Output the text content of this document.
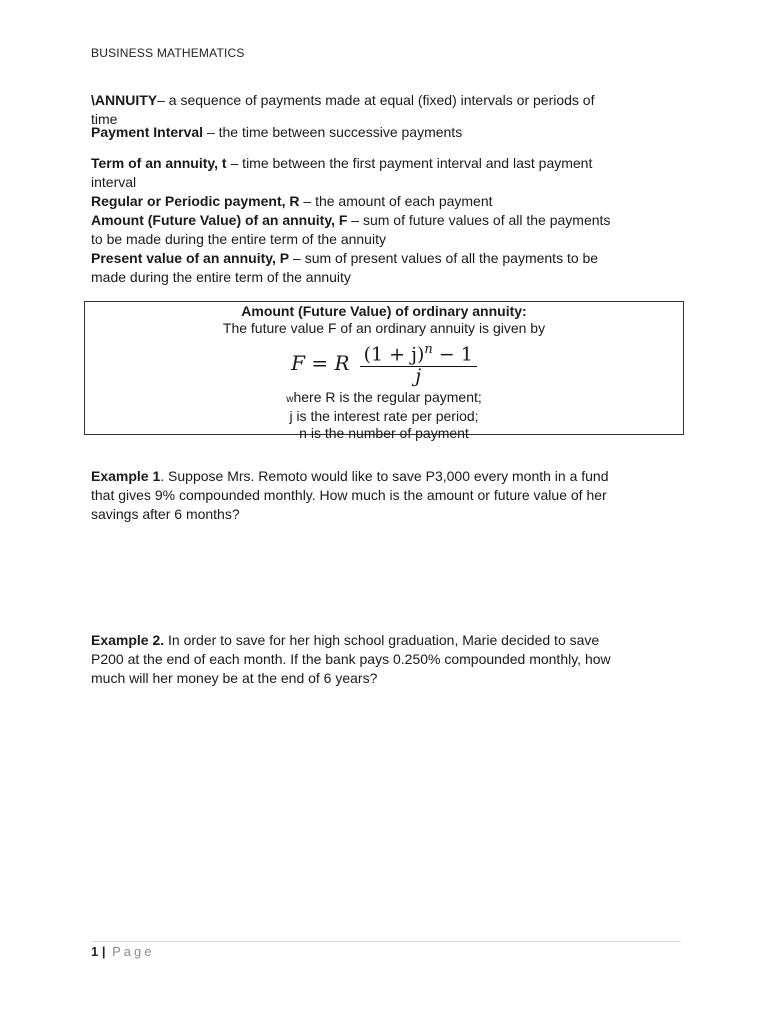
BUSINESS MATHEMATICS
\ANNUITY– a sequence of payments made at equal (fixed) intervals or periods of time
Payment Interval – the time between successive payments
Term of an annuity, t – time between the first payment interval and last payment interval
Regular or Periodic payment, R – the amount of each payment
Amount (Future Value) of an annuity, F – sum of future values of all the payments to be made during the entire term of the annuity
Present value of an annuity, P – sum of present values of all the payments to be made during the entire term of the annuity
Amount (Future Value) of ordinary annuity:
The future value F of an ordinary annuity is given by
F = R $\frac{(1 + j)^n - 1}{j}$
where R is the regular payment;
j is the interest rate per period;
n is the number of payment
Example 1. Suppose Mrs. Remoto would like to save P3,000 every month in a fund that gives 9% compounded monthly. How much is the amount or future value of her savings after 6 months?
Example 2. In order to save for her high school graduation, Marie decided to save P200 at the end of each month. If the bank pays 0.250% compounded monthly, how much will her money be at the end of 6 years?
1 | Page
